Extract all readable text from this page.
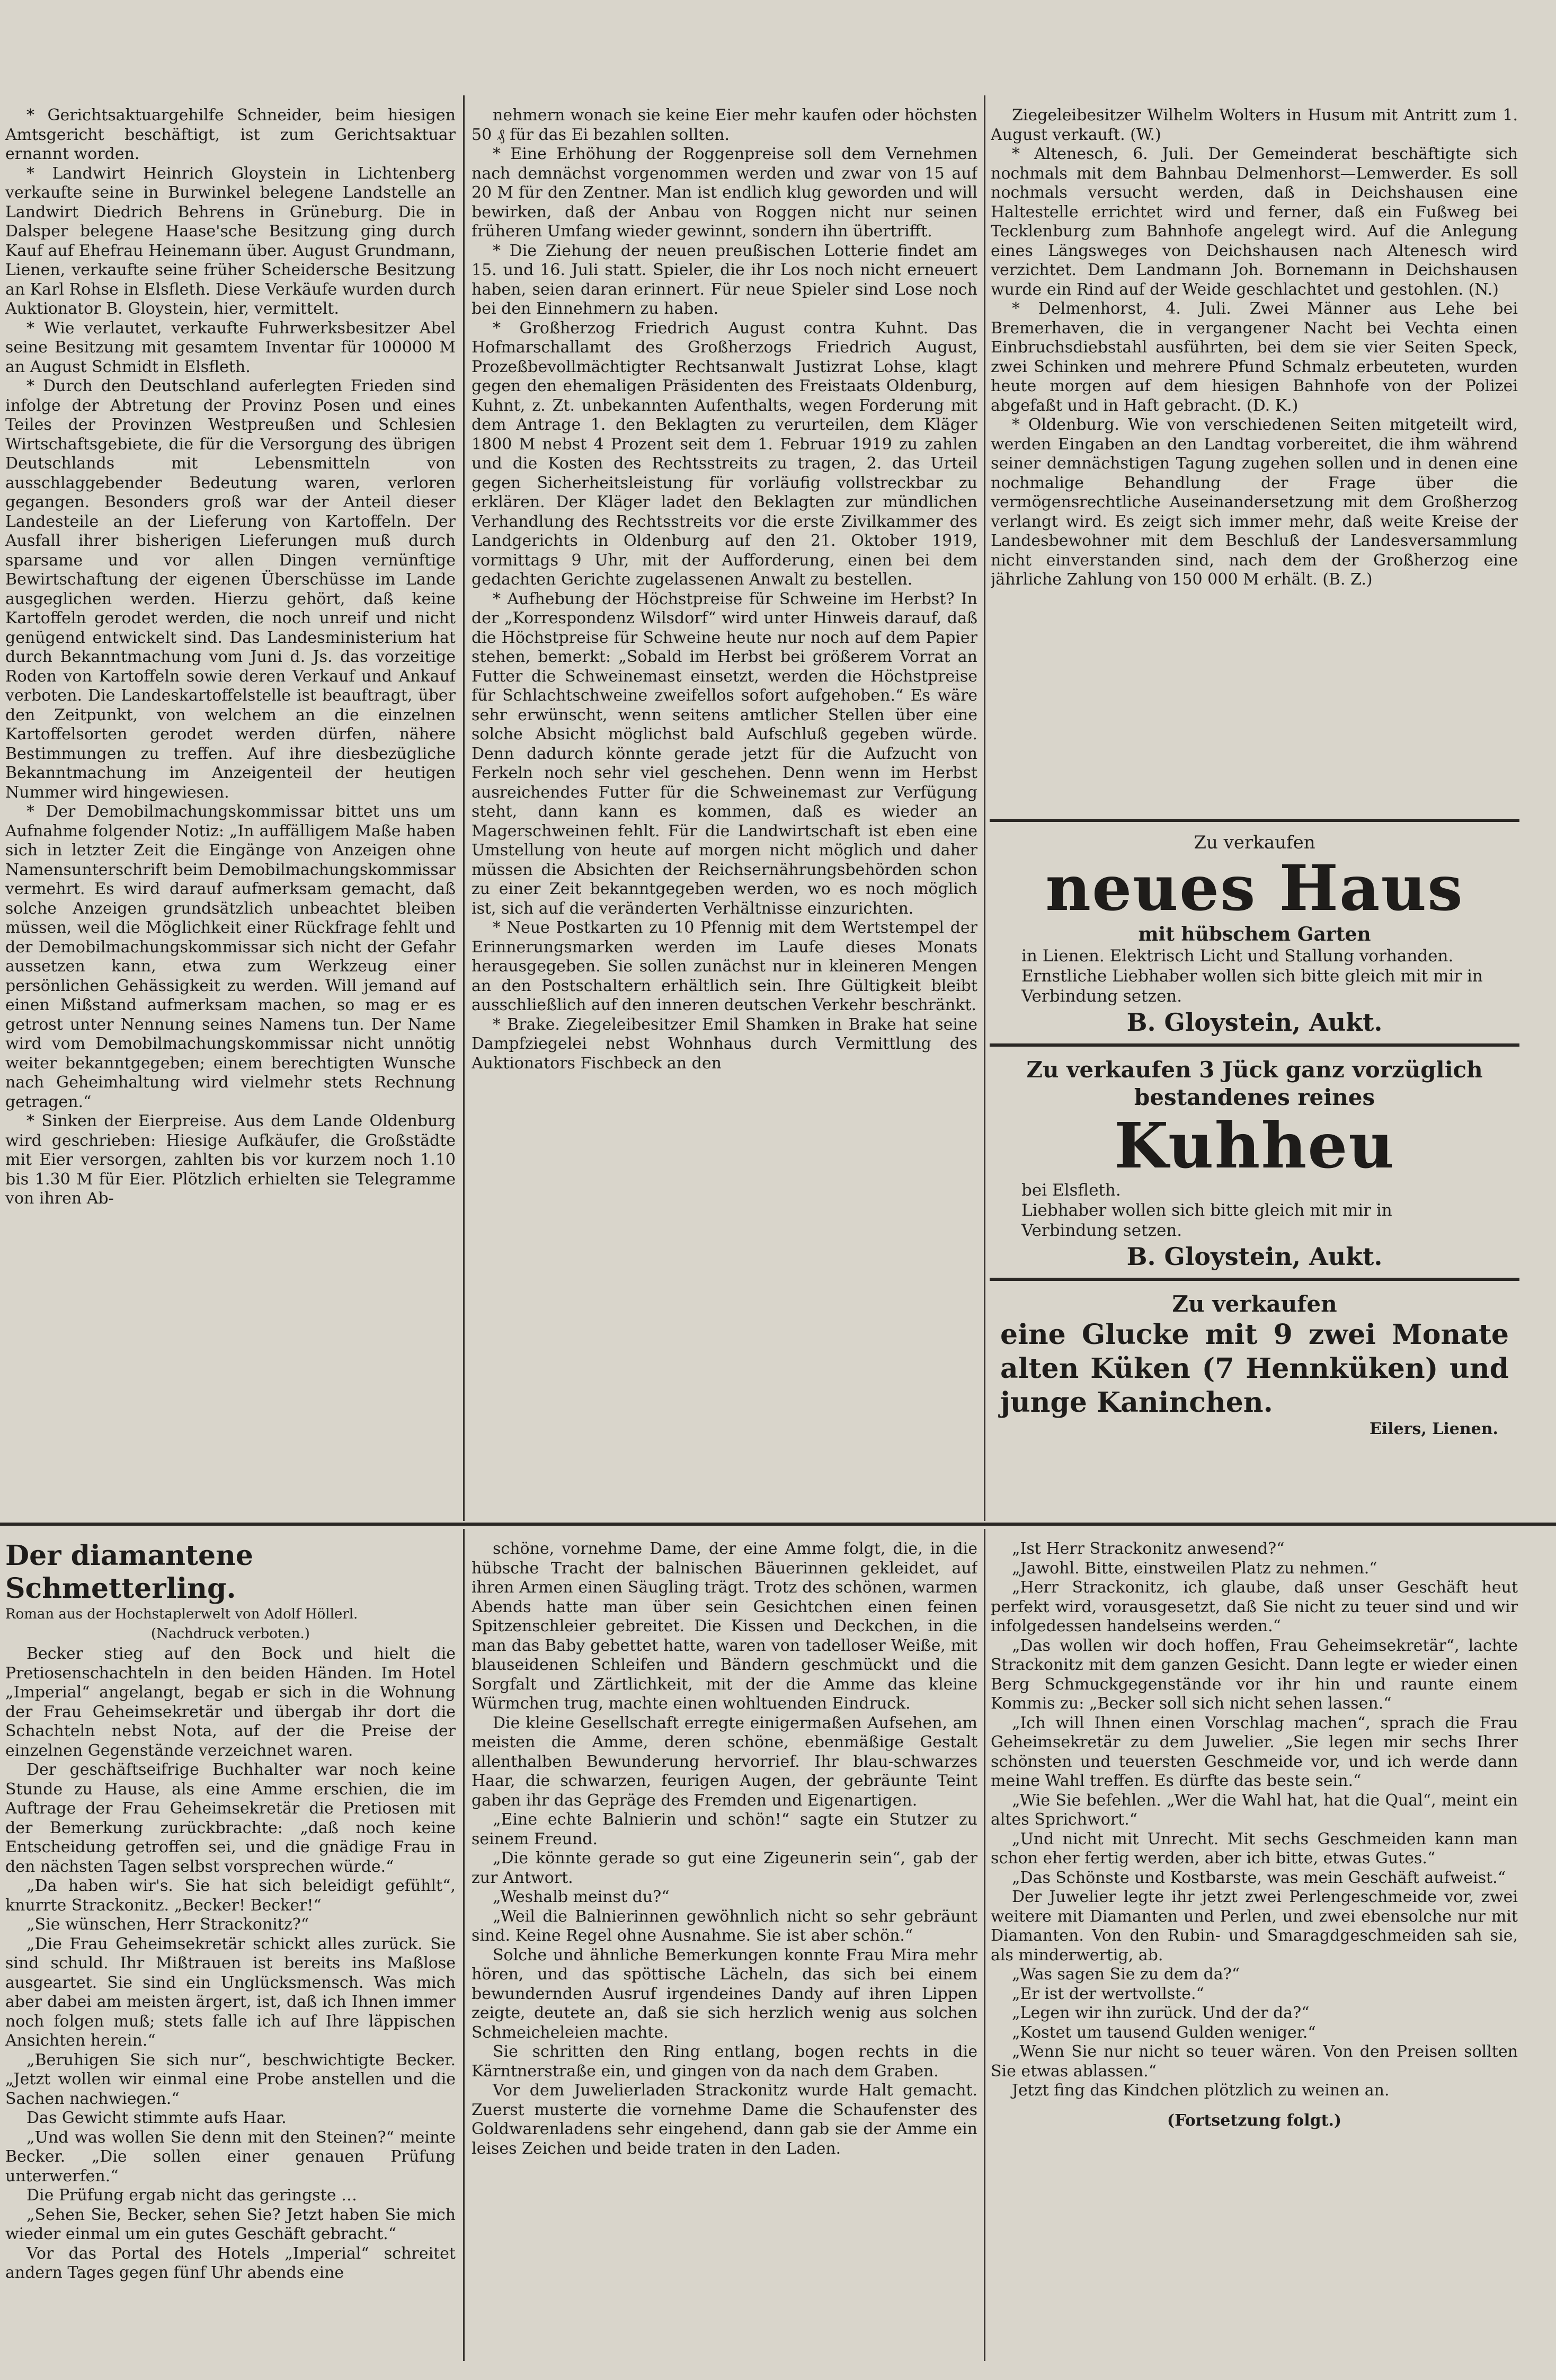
* Gerichtsaktuargehilfe Schneider, beim hiesigen Amtsgericht beschäftigt, ist zum Gerichtsaktuar ernannt worden.

* Landwirt Heinrich Gloystein in Lichtenberg verkaufte seine in Burwinkel belegene Landstelle an Landwirt Diedrich Behrens in Grüneburg. Die in Dalsper belegene Haase'sche Besitzung ging durch Kauf auf Ehefrau Heinemann über. August Grundmann, Lienen, verkaufte seine früher Scheidersche Besitzung an Karl Rohse in Elsfleth. Diese Verkäufe wurden durch Auktionator B. Gloystein, hier, vermittelt.

* Wie verlautet, verkaufte Fuhrwerksbesitzer Abel seine Besitzung mit gesamtem Inventar für 100000 M an August Schmidt in Elsfleth.

* Durch den Deutschland auferlegten Frieden sind infolge der Abtretung der Provinz Posen und eines Teiles der Provinzen Westpreußen und Schlesien Wirtschaftsgebiete, die für die Versorgung des übrigen Deutschlands mit Lebensmitteln von ausschlaggebender Bedeutung waren, verloren gegangen. Besonders groß war der Anteil dieser Landesteile an der Lieferung von Kartoffeln. Der Ausfall ihrer bisherigen Lieferungen muß durch sparsame und vor allen Dingen vernünftige Bewirtschaftung der eigenen Überschüsse im Lande ausgeglichen werden. Hierzu gehört, daß keine Kartoffeln gerodet werden, die noch unreif und nicht genügend entwickelt sind. Das Landesministerium hat durch Bekanntmachung vom Juni d. Js. das vorzeitige Roden von Kartoffeln sowie deren Verkauf und Ankauf verboten. Die Landeskartoffelstelle ist beauftragt, über den Zeitpunkt, von welchem an die einzelnen Kartoffelsorten gerodet werden dürfen, nähere Bestimmungen zu treffen. Auf ihre diesbezügliche Bekanntmachung im Anzeigenteil der heutigen Nummer wird hingewiesen.

* Der Demobilmachungskommissar bittet uns um Aufnahme folgender Notiz: „In auffälligem Maße haben sich in letzter Zeit die Eingänge von Anzeigen ohne Namensunterschrift beim Demobilmachungskommissar vermehrt. Es wird darauf aufmerksam gemacht, daß solche Anzeigen grundsätzlich unbeachtet bleiben müssen, weil die Möglichkeit einer Rückfrage fehlt und der Demobilmachungskommissar sich nicht der Gefahr aussetzen kann, etwa zum Werkzeug einer persönlichen Gehässigkeit zu werden. Will jemand auf einen Mißstand aufmerksam machen, so mag er es getrost unter Nennung seines Namens tun. Der Name wird vom Demobilmachungskommissar nicht unnötig weiter bekanntgegeben; einem berechtigten Wunsche nach Geheimhaltung wird vielmehr stets Rechnung getragen.“

* Sinken der Eierpreise. Aus dem Lande Oldenburg wird geschrieben: Hiesige Aufkäufer, die Großstädte mit Eier versorgen, zahlten bis vor kurzem noch 1.10 bis 1.30 M für Eier. Plötzlich erhielten sie Telegramme von ihren Ab-

nehmern wonach sie keine Eier mehr kaufen oder höchsten 50 ₰ für das Ei bezahlen sollten.

* Eine Erhöhung der Roggenpreise soll dem Vernehmen nach demnächst vorgenommen werden und zwar von 15 auf 20 M für den Zentner. Man ist endlich klug geworden und will bewirken, daß der Anbau von Roggen nicht nur seinen früheren Umfang wieder gewinnt, sondern ihn übertrifft.

* Die Ziehung der neuen preußischen Lotterie findet am 15. und 16. Juli statt. Spieler, die ihr Los noch nicht erneuert haben, seien daran erinnert. Für neue Spieler sind Lose noch bei den Einnehmern zu haben.

* Großherzog Friedrich August contra Kuhnt. Das Hofmarschallamt des Großherzogs Friedrich August, Prozeßbevollmächtigter Rechtsanwalt Justizrat Lohse, klagt gegen den ehemaligen Präsidenten des Freistaats Oldenburg, Kuhnt, z. Zt. unbekannten Aufenthalts, wegen Forderung mit dem Antrage 1. den Beklagten zu verurteilen, dem Kläger 1800 M nebst 4 Prozent seit dem 1. Februar 1919 zu zahlen und die Kosten des Rechtsstreits zu tragen, 2. das Urteil gegen Sicherheitsleistung für vorläufig vollstreckbar zu erklären. Der Kläger ladet den Beklagten zur mündlichen Verhandlung des Rechtsstreits vor die erste Zivilkammer des Landgerichts in Oldenburg auf den 21. Oktober 1919, vormittags 9 Uhr, mit der Aufforderung, einen bei dem gedachten Gerichte zugelassenen Anwalt zu bestellen.

* Aufhebung der Höchstpreise für Schweine im Herbst? In der „Korrespondenz Wilsdorf“ wird unter Hinweis darauf, daß die Höchstpreise für Schweine heute nur noch auf dem Papier stehen, bemerkt: „Sobald im Herbst bei größerem Vorrat an Futter die Schweinemast einsetzt, werden die Höchstpreise für Schlachtschweine zweifellos sofort aufgehoben.“ Es wäre sehr erwünscht, wenn seitens amtlicher Stellen über eine solche Absicht möglichst bald Aufschluß gegeben würde. Denn dadurch könnte gerade jetzt für die Aufzucht von Ferkeln noch sehr viel geschehen. Denn wenn im Herbst ausreichendes Futter für die Schweinemast zur Verfügung steht, dann kann es kommen, daß es wieder an Magerschweinen fehlt. Für die Landwirtschaft ist eben eine Umstellung von heute auf morgen nicht möglich und daher müssen die Absichten der Reichsernährungsbehörden schon zu einer Zeit bekanntgegeben werden, wo es noch möglich ist, sich auf die veränderten Verhältnisse einzurichten.

* Neue Postkarten zu 10 Pfennig mit dem Wertstempel der Erinnerungsmarken werden im Laufe dieses Monats herausgegeben. Sie sollen zunächst nur in kleineren Mengen an den Postschaltern erhältlich sein. Ihre Gültigkeit bleibt ausschließlich auf den inneren deutschen Verkehr beschränkt.

* Brake. Ziegeleibesitzer Emil Shamken in Brake hat seine Dampfziegelei nebst Wohnhaus durch Vermittlung des Auktionators Fischbeck an den

Ziegeleibesitzer Wilhelm Wolters in Husum mit Antritt zum 1. August verkauft. (W.)

* Altenesch, 6. Juli. Der Gemeinderat beschäftigte sich nochmals mit dem Bahnbau Delmenhorst—Lemwerder. Es soll nochmals versucht werden, daß in Deichshausen eine Haltestelle errichtet wird und ferner, daß ein Fußweg bei Tecklenburg zum Bahnhofe angelegt wird. Auf die Anlegung eines Längsweges von Deichshausen nach Altenesch wird verzichtet. Dem Landmann Joh. Bornemann in Deichshausen wurde ein Rind auf der Weide geschlachtet und gestohlen. (N.)

* Delmenhorst, 4. Juli. Zwei Männer aus Lehe bei Bremerhaven, die in vergangener Nacht bei Vechta einen Einbruchsdiebstahl ausführten, bei dem sie vier Seiten Speck, zwei Schinken und mehrere Pfund Schmalz erbeuteten, wurden heute morgen auf dem hiesigen Bahnhofe von der Polizei abgefaßt und in Haft gebracht. (D. K.)

* Oldenburg. Wie von verschiedenen Seiten mitgeteilt wird, werden Eingaben an den Landtag vorbereitet, die ihm während seiner demnächstigen Tagung zugehen sollen und in denen eine nochmalige Behandlung der Frage über die vermögensrechtliche Auseinandersetzung mit dem Großherzog verlangt wird. Es zeigt sich immer mehr, daß weite Kreise der Landesbewohner mit dem Beschluß der Landesversammlung nicht einverstanden sind, nach dem der Großherzog eine jährliche Zahlung von 150 000 M erhält. (B. Z.)

Zu verkaufen
neues Haus
mit hübschem Garten
in Lienen. Elektrisch Licht und Stallung vorhanden. Ernstliche Liebhaber wollen sich bitte gleich mit mir in Verbindung setzen.
B. Gloystein, Aukt.
Zu verkaufen 3 Jück ganz vorzüglich bestandenes reines
Kuhheu
bei Elsfleth.
Liebhaber wollen sich bitte gleich mit mir in Verbindung setzen.
B. Gloystein, Aukt.
Zu verkaufen
eine Glucke mit 9 zwei Monate alten Küken (7 Hennküken) und junge Kaninchen.
Eilers, Lienen.
Der diamantene Schmetterling.
Roman aus der Hochstaplerwelt von Adolf Höllerl.
(Nachdruck verboten.)

Becker stieg auf den Bock und hielt die Pretiosenschachteln in den beiden Händen. Im Hotel „Imperial“ angelangt, begab er sich in die Wohnung der Frau Geheimsekretär und übergab ihr dort die Schachteln nebst Nota, auf der die Preise der einzelnen Gegenstände verzeichnet waren.

Der geschäftseifrige Buchhalter war noch keine Stunde zu Hause, als eine Amme erschien, die im Auftrage der Frau Geheimsekretär die Pretiosen mit der Bemerkung zurückbrachte: „daß noch keine Entscheidung getroffen sei, und die gnädige Frau in den nächsten Tagen selbst vorsprechen würde.“

„Da haben wir's. Sie hat sich beleidigt gefühlt“, knurrte Strackonitz. „Becker! Becker!“

„Sie wünschen, Herr Strackonitz?“

„Die Frau Geheimsekretär schickt alles zurück. Sie sind schuld. Ihr Mißtrauen ist bereits ins Maßlose ausgeartet. Sie sind ein Unglücksmensch. Was mich aber dabei am meisten ärgert, ist, daß ich Ihnen immer noch folgen muß; stets falle ich auf Ihre läppischen Ansichten herein.“

„Beruhigen Sie sich nur“, beschwichtigte Becker. „Jetzt wollen wir einmal eine Probe anstellen und die Sachen nachwiegen.“

Das Gewicht stimmte aufs Haar.

„Und was wollen Sie denn mit den Steinen?“ meinte Becker. „Die sollen einer genauen Prüfung unterwerfen.“

Die Prüfung ergab nicht das geringste …

„Sehen Sie, Becker, sehen Sie? Jetzt haben Sie mich wieder einmal um ein gutes Geschäft gebracht.“

Vor das Portal des Hotels „Imperial“ schreitet andern Tages gegen fünf Uhr abends eine

schöne, vornehme Dame, der eine Amme folgt, die, in die hübsche Tracht der balnischen Bäuerinnen gekleidet, auf ihren Armen einen Säugling trägt. Trotz des schönen, warmen Abends hatte man über sein Gesichtchen einen feinen Spitzenschleier gebreitet. Die Kissen und Deckchen, in die man das Baby gebettet hatte, waren von tadelloser Weiße, mit blauseidenen Schleifen und Bändern geschmückt und die Sorgfalt und Zärtlichkeit, mit der die Amme das kleine Würmchen trug, machte einen wohltuenden Eindruck.

Die kleine Gesellschaft erregte einigermaßen Aufsehen, am meisten die Amme, deren schöne, ebenmäßige Gestalt allenthalben Bewunderung hervorrief. Ihr blau-schwarzes Haar, die schwarzen, feurigen Augen, der gebräunte Teint gaben ihr das Gepräge des Fremden und Eigenartigen.

„Eine echte Balnierin und schön!“ sagte ein Stutzer zu seinem Freund.

„Die könnte gerade so gut eine Zigeunerin sein“, gab der zur Antwort.

„Weshalb meinst du?“

„Weil die Balnierinnen gewöhnlich nicht so sehr gebräunt sind. Keine Regel ohne Ausnahme. Sie ist aber schön.“

Solche und ähnliche Bemerkungen konnte Frau Mira mehr hören, und das spöttische Lächeln, das sich bei einem bewundernden Ausruf irgendeines Dandy auf ihren Lippen zeigte, deutete an, daß sie sich herzlich wenig aus solchen Schmeicheleien machte.

Sie schritten den Ring entlang, bogen rechts in die Kärntnerstraße ein, und gingen von da nach dem Graben.

Vor dem Juwelierladen Strackonitz wurde Halt gemacht. Zuerst musterte die vornehme Dame die Schaufenster des Goldwarenladens sehr eingehend, dann gab sie der Amme ein leises Zeichen und beide traten in den Laden.

„Ist Herr Strackonitz anwesend?“

„Jawohl. Bitte, einstweilen Platz zu nehmen.“

„Herr Strackonitz, ich glaube, daß unser Geschäft heut perfekt wird, vorausgesetzt, daß Sie nicht zu teuer sind und wir infolgedessen handelseins werden.“

„Das wollen wir doch hoffen, Frau Geheimsekretär“, lachte Strackonitz mit dem ganzen Gesicht. Dann legte er wieder einen Berg Schmuckgegenstände vor ihr hin und raunte einem Kommis zu: „Becker soll sich nicht sehen lassen.“

„Ich will Ihnen einen Vorschlag machen“, sprach die Frau Geheimsekretär zu dem Juwelier. „Sie legen mir sechs Ihrer schönsten und teuersten Geschmeide vor, und ich werde dann meine Wahl treffen. Es dürfte das beste sein.“

„Wie Sie befehlen. „Wer die Wahl hat, hat die Qual“, meint ein altes Sprichwort.“

„Und nicht mit Unrecht. Mit sechs Geschmeiden kann man schon eher fertig werden, aber ich bitte, etwas Gutes.“

„Das Schönste und Kostbarste, was mein Geschäft aufweist.“

Der Juwelier legte ihr jetzt zwei Perlengeschmeide vor, zwei weitere mit Diamanten und Perlen, und zwei ebensolche nur mit Diamanten. Von den Rubin- und Smaragdgeschmeiden sah sie, als minderwertig, ab.

„Was sagen Sie zu dem da?“

„Er ist der wertvollste.“

„Legen wir ihn zurück. Und der da?“

„Kostet um tausend Gulden weniger.“

„Wenn Sie nur nicht so teuer wären. Von den Preisen sollten Sie etwas ablassen.“

Jetzt fing das Kindchen plötzlich zu weinen an.

(Fortsetzung folgt.)
